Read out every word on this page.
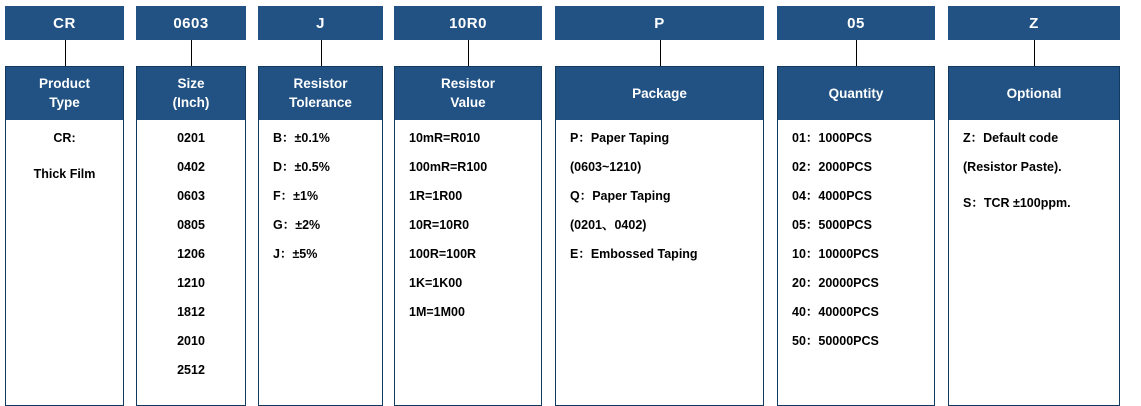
CR
Product
Type
CR:
Thick Film
0603
Size
(Inch)
0201
0402
0603
0805
1206
1210
1812
2010
2512
J
Resistor
Tolerance
B：±0.1%
D：±0.5%
F：±1%
G：±2%
J：±5%
10R0
Resistor
Value
10mR=R010
100mR=R100
1R=1R00
10R=10R0
100R=100R
1K=1K00
1M=1M00
P
Package
P：Paper Taping
(0603~1210)
Q：Paper Taping
(0201、0402)
E：Embossed Taping
05
Quantity
01：1000PCS
02：2000PCS
04：4000PCS
05：5000PCS
10：10000PCS
20：20000PCS
40：40000PCS
50：50000PCS
Z
Optional
Z：Default code
(Resistor Paste).
S：TCR ±100ppm.
